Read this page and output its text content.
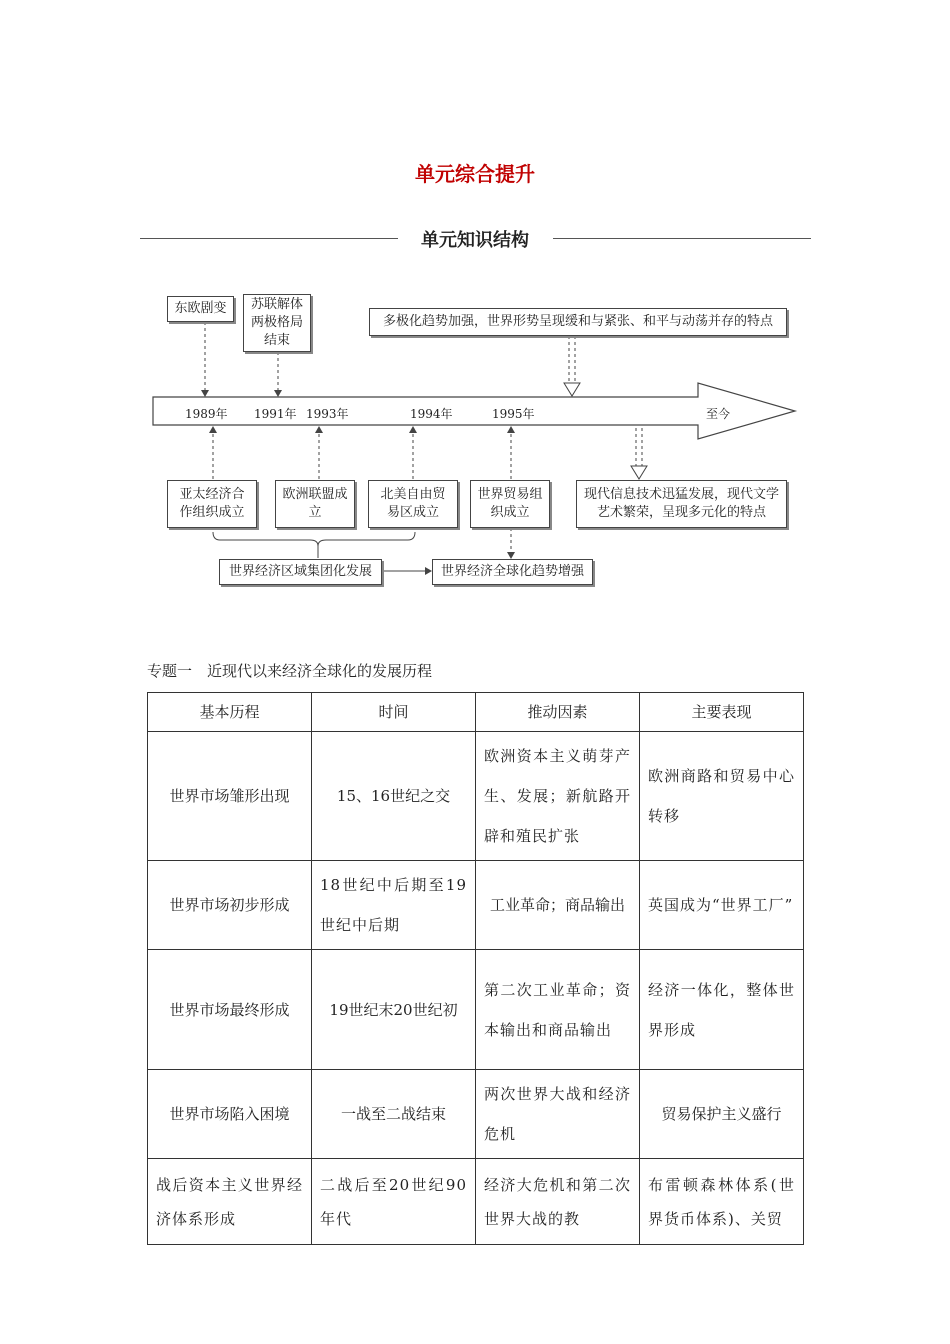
单元综合提升
单元知识结构
东欧剧变	苏联解体两极格局结束
多极化趋势加强，世界形势呈现缓和与紧张、和平与动荡并存的特点
1989年 1991年 1993年	1994年	1995年	至今
亚太经济合作组织成立
欧洲联盟成立
北美自由贸易区成立
世界贸易组织成立
现代信息技术迅猛发展，现代文学艺术繁荣，呈现多元化的特点
世界经济区域集团化发展	世界经济全球化趋势增强
专题一　近现代以来经济全球化的发展历程
基本历程	时间	推动因素	主要表现
世界市场雏形出现	15、16世纪之交	欧洲资本主义萌芽产生、发展；新航路开辟和殖民扩张	欧洲商路和贸易中心转移
世界市场初步形成	18世纪中后期至19世纪中后期	工业革命；商品输出	英国成为“世界工厂”
世界市场最终形成	19世纪末20世纪初	第二次工业革命；资本输出和商品输出	经济一体化，整体世界形成
世界市场陷入困境	一战至二战结束	两次世界大战和经济危机	贸易保护主义盛行
战后资本主义世界经济体系形成	二战后至20世纪90年代	经济大危机和第二次世界大战的教	布雷顿森林体系(世界货币体系)、关贸
